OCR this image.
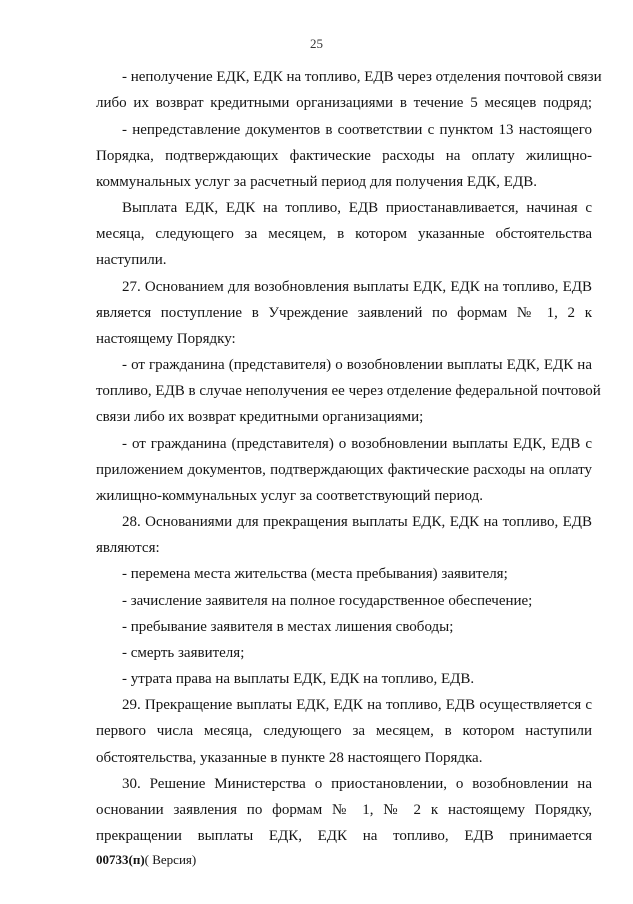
25
- неполучение ЕДК, ЕДК на топливо, ЕДВ через отделения почтовой связи
либо их возврат кредитными организациями в течение 5 месяцев подряд;
- непредставление документов в соответствии с пунктом 13 настоящего
Порядка, подтверждающих фактические расходы на оплату жилищно-
коммунальных услуг за расчетный период для получения ЕДК, ЕДВ.
Выплата ЕДК, ЕДК на топливо, ЕДВ приостанавливается, начиная с
месяца, следующего за месяцем, в котором указанные обстоятельства
наступили.
27. Основанием для возобновления выплаты ЕДК, ЕДК на топливо, ЕДВ
является поступление в Учреждение заявлений по формам № 1, 2 к
настоящему Порядку:
- от гражданина (представителя) о возобновлении выплаты ЕДК, ЕДК на
топливо, ЕДВ в случае неполучения ее через отделение федеральной почтовой
связи либо их возврат кредитными организациями;
- от гражданина (представителя) о возобновлении выплаты ЕДК, ЕДВ с
приложением документов, подтверждающих фактические расходы на оплату
жилищно-коммунальных услуг за соответствующий период.
28. Основаниями для прекращения выплаты ЕДК, ЕДК на топливо, ЕДВ
являются:
- перемена места жительства (места пребывания) заявителя;
- зачисление заявителя на полное государственное обеспечение;
- пребывание заявителя в местах лишения свободы;
- смерть заявителя;
- утрата права на выплаты ЕДК, ЕДК на топливо, ЕДВ.
29. Прекращение выплаты ЕДК, ЕДК на топливо, ЕДВ осуществляется с
первого числа месяца, следующего за месяцем, в котором наступили
обстоятельства, указанные в пункте 28 настоящего Порядка.
30. Решение Министерства о приостановлении, о возобновлении на
основании заявления по формам № 1, № 2 к настоящему Порядку,
прекращении выплаты ЕДК, ЕДК на топливо, ЕДВ принимается
00733(п)( Версия)
